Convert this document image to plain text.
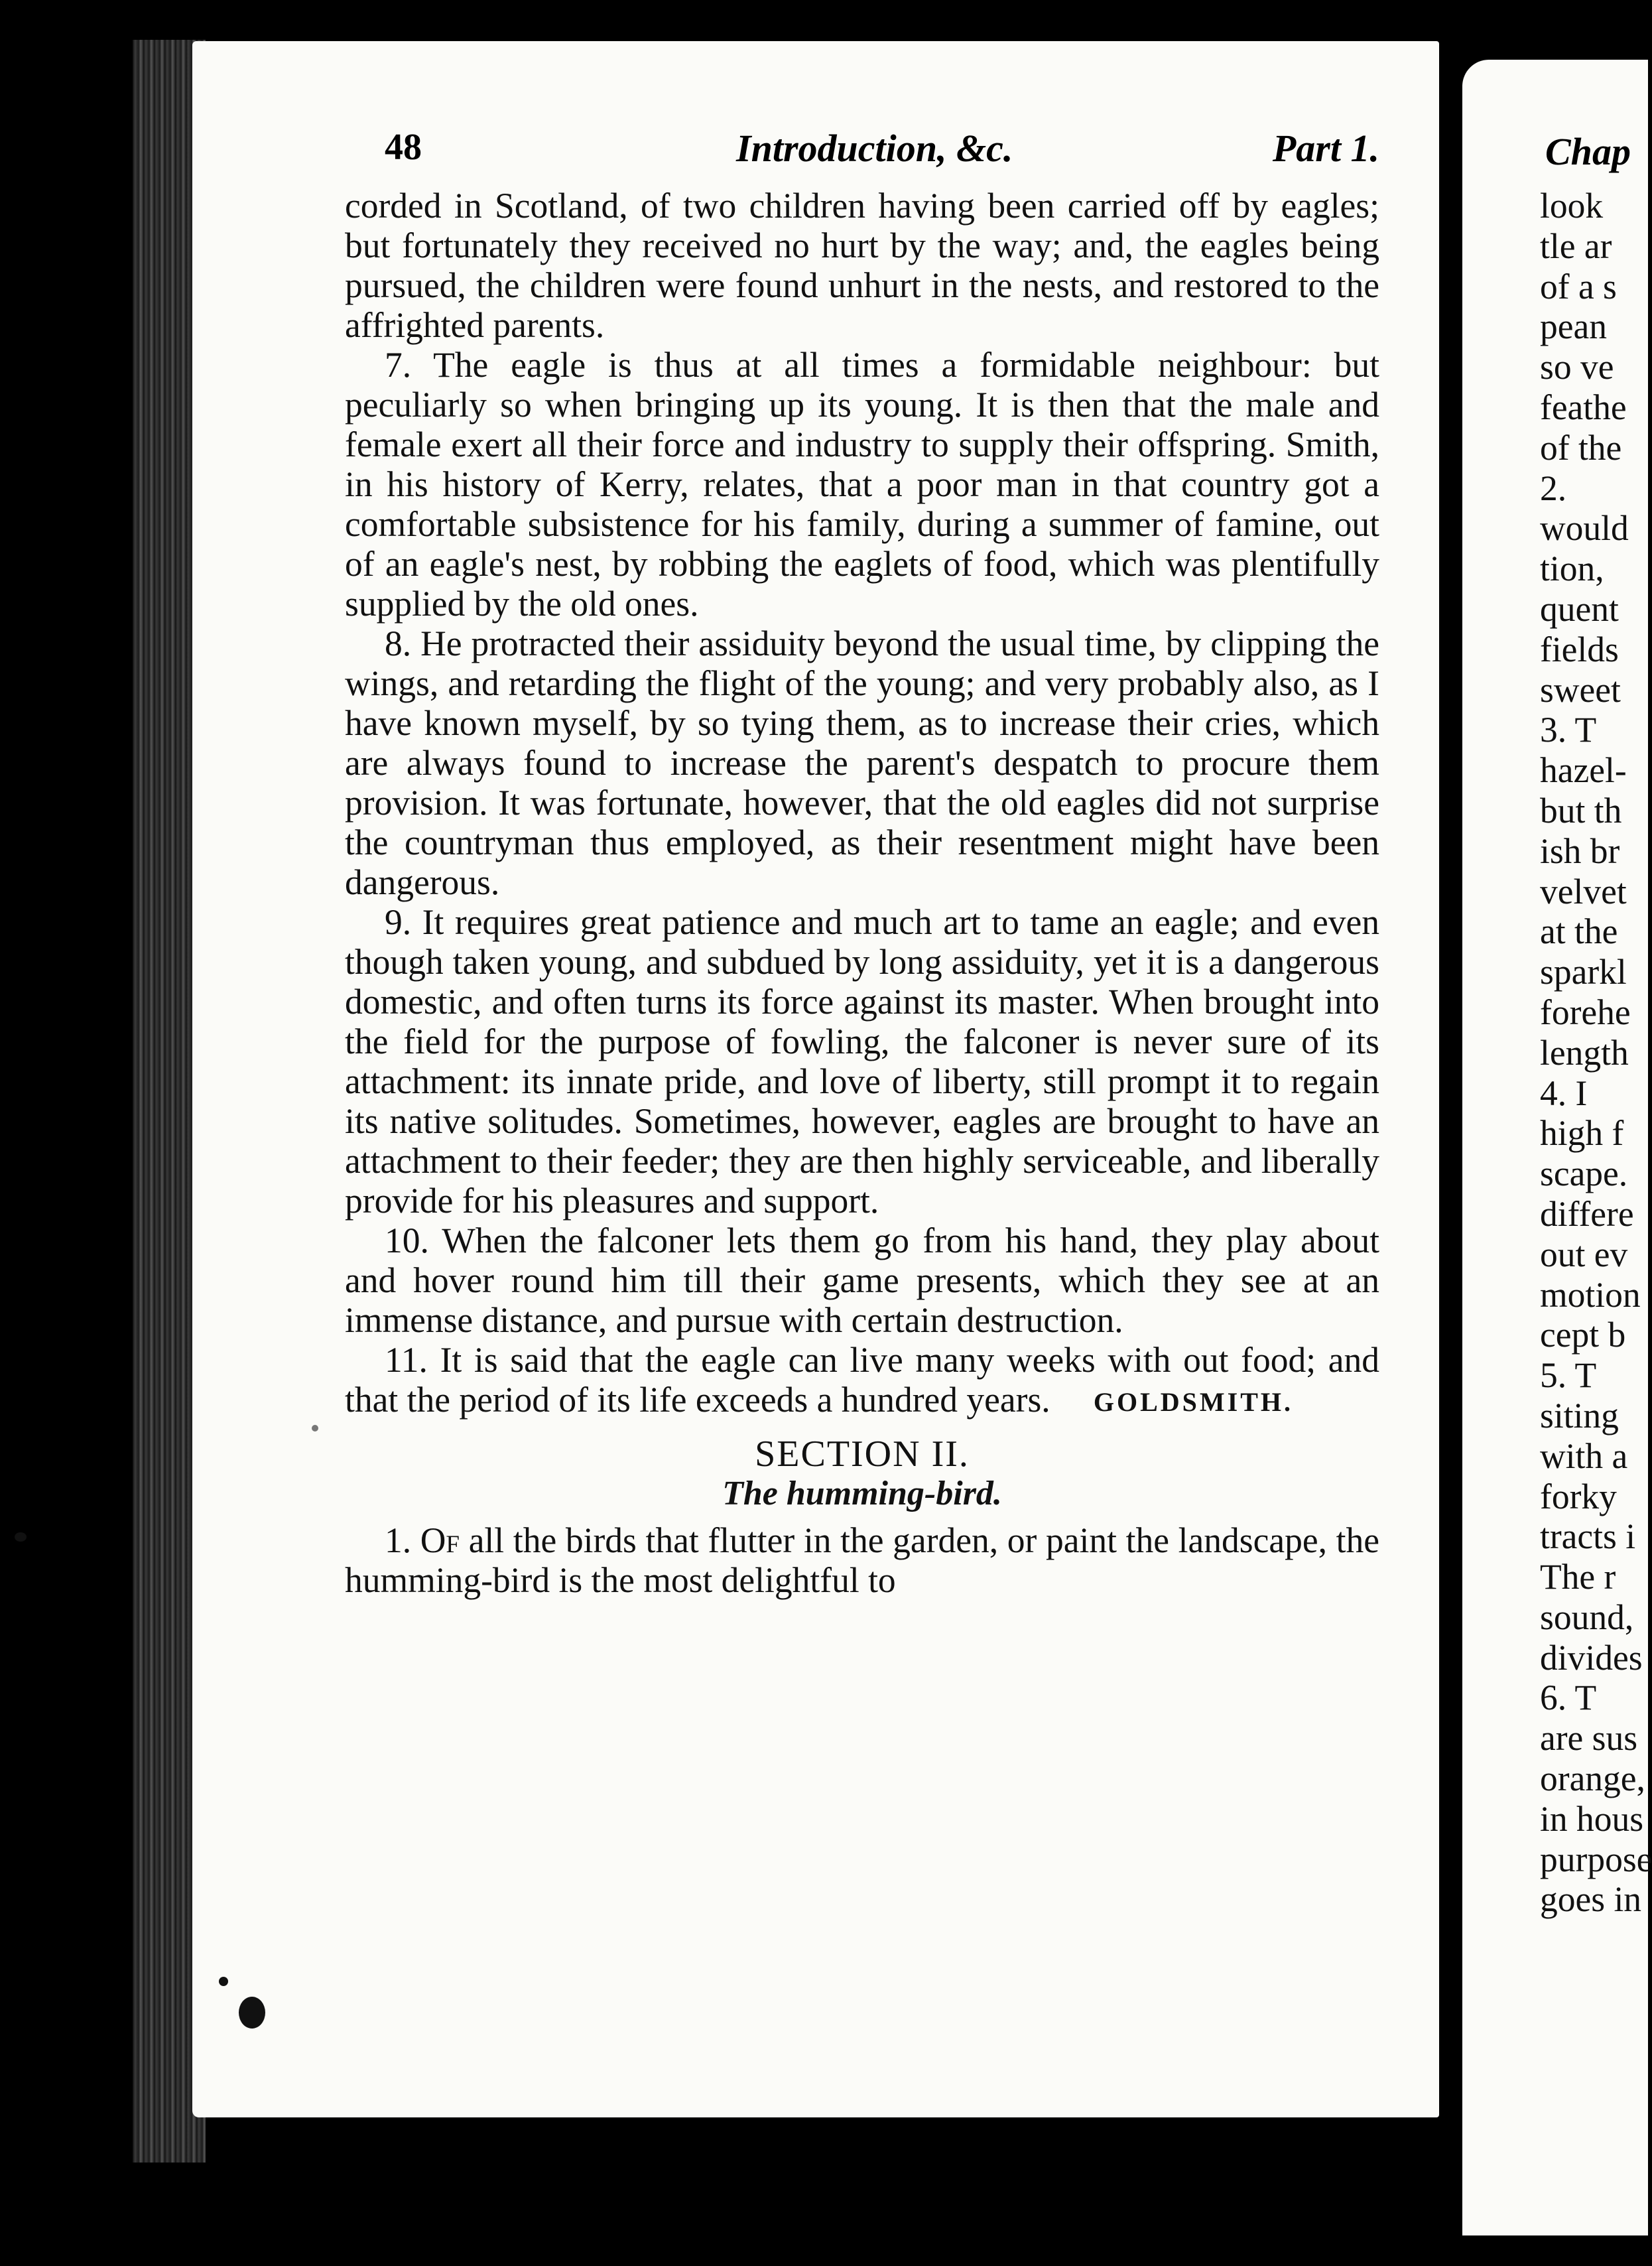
48	Introduction, &c.	Part 1.

corded in Scotland, of two children having been carried off by eagles; but fortunately they received no hurt by the way; and, the eagles being pursued, the children were found unhurt in the nests, and restored to the affrighted parents.

7. The eagle is thus at all times a formidable neighbour: but peculiarly so when bringing up its young. It is then that the male and female exert all their force and industry to supply their offspring. Smith, in his history of Kerry, relates, that a poor man in that country got a comfortable subsistence for his family, during a summer of famine, out of an eagle's nest, by robbing the eaglets of food, which was plentifully supplied by the old ones.

8. He protracted their assiduity beyond the usual time, by clipping the wings, and retarding the flight of the young; and very probably also, as I have known myself, by so tying them, as to increase their cries, which are always found to increase the parent's despatch to procure them provision. It was fortunate, however, that the old eagles did not surprise the countryman thus employed, as their resentment might have been dangerous.

9. It requires great patience and much art to tame an eagle; and even though taken young, and subdued by long assiduity, yet it is a dangerous domestic, and often turns its force against its master. When brought into the field for the purpose of fowling, the falconer is never sure of its attachment: its innate pride, and love of liberty, still prompt it to regain its native solitudes. Sometimes, however, eagles are brought to have an attachment to their feeder; they are then highly serviceable, and liberally provide for his pleasures and support.

10. When the falconer lets them go from his hand, they play about and hover round him till their game presents, which they see at an immense distance, and pursue with certain destruction.

11. It is said that the eagle can live many weeks with out food; and that the period of its life exceeds a hundred years.	GOLDSMITH.

SECTION II.

The humming-bird.

1. Of all the birds that flutter in the garden, or paint the landscape, the humming-bird is the most delightful to

Chap
look
tle ar
of a s
pean
so ve
feathe
of the
2.
would
tion,
quent
fields
sweet
3. T
hazel-
but th
ish br
velvet
at the
sparkl
forehe
length
4. I
high f
scape.
differe
out ev
motion
cept b
5. T
siting
with a
forky
tracts i
The r
sound,
divides
6. T
are sus
orange,
in hous
purpose
goes in
